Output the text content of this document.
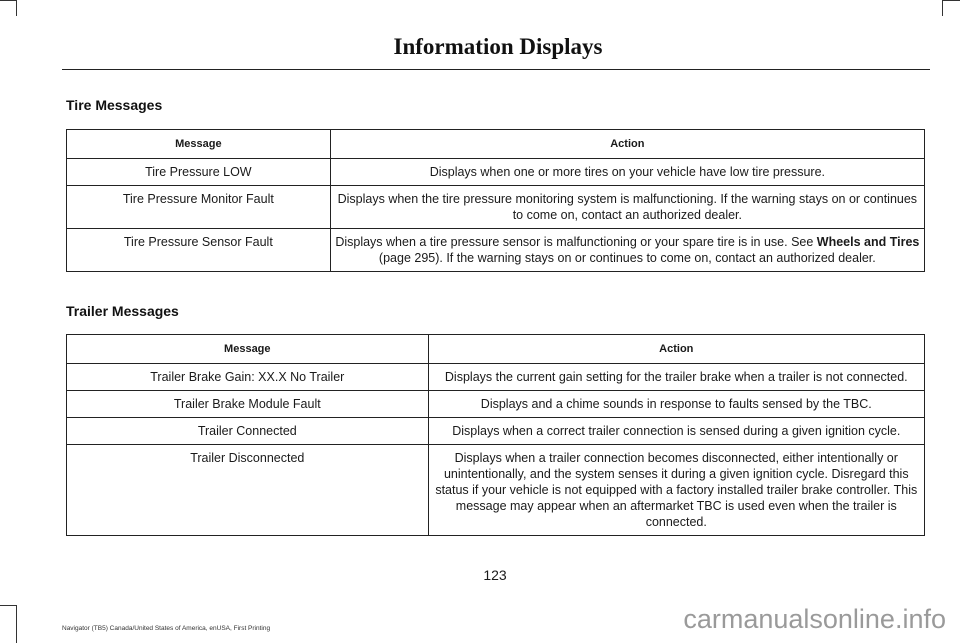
Information Displays
Tire Messages
Message	Action
Tire Pressure LOW	Displays when one or more tires on your vehicle have low tire pressure.
Tire Pressure Monitor Fault	Displays when the tire pressure monitoring system is malfunctioning. If the warning stays on or continues to come on, contact an authorized dealer.
Tire Pressure Sensor Fault	Displays when a tire pressure sensor is malfunctioning or your spare tire is in use. See Wheels and Tires (page 295). If the warning stays on or continues to come on, contact an authorized dealer.
Trailer Messages
Message	Action
Trailer Brake Gain: XX.X No Trailer	Displays the current gain setting for the trailer brake when a trailer is not connected.
Trailer Brake Module Fault	Displays and a chime sounds in response to faults sensed by the TBC.
Trailer Connected	Displays when a correct trailer connection is sensed during a given ignition cycle.
Trailer Disconnected	Displays when a trailer connection becomes disconnected, either intentionally or unintentionally, and the system senses it during a given ignition cycle. Disregard this status if your vehicle is not equipped with a factory installed trailer brake controller. This message may appear when an aftermarket TBC is used even when the trailer is connected.
123
Navigator (TB5) Canada/United States of America, enUSA, First Printing	carmanualsonline.info
